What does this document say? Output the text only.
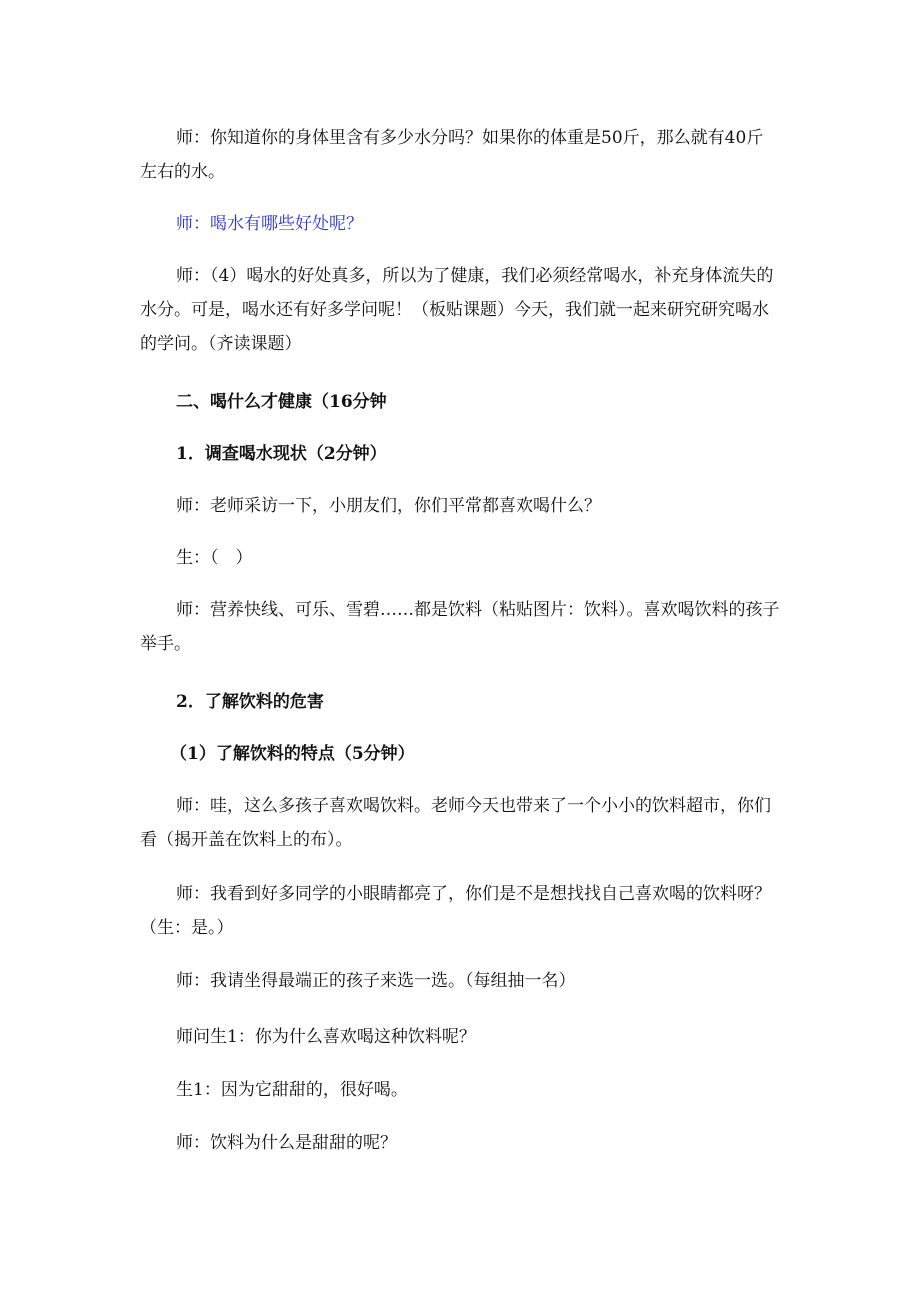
师：你知道你的身体里含有多少水分吗？如果你的体重是50斤，那么就有40斤左右的水。

师：喝水有哪些好处呢？

师：（4）喝水的好处真多，所以为了健康，我们必须经常喝水，补充身体流失的水分。可是，喝水还有好多学问呢！（板贴课题）今天，我们就一起来研究研究喝水的学问。（齐读课题）

二、喝什么才健康（16分钟

1．调查喝水现状（2分钟）

师：老师采访一下，小朋友们，你们平常都喜欢喝什么？

生：（　）

师：营养快线、可乐、雪碧……都是饮料（粘贴图片：饮料）。喜欢喝饮料的孩子举手。

2．了解饮料的危害

（1）了解饮料的特点（5分钟）

师：哇，这么多孩子喜欢喝饮料。老师今天也带来了一个小小的饮料超市，你们看（揭开盖在饮料上的布）。

师：我看到好多同学的小眼睛都亮了，你们是不是想找找自己喜欢喝的饮料呀？（生：是。）

师：我请坐得最端正的孩子来选一选。（每组抽一名）

师问生1：你为什么喜欢喝这种饮料呢？

生1：因为它甜甜的，很好喝。

师：饮料为什么是甜甜的呢？
